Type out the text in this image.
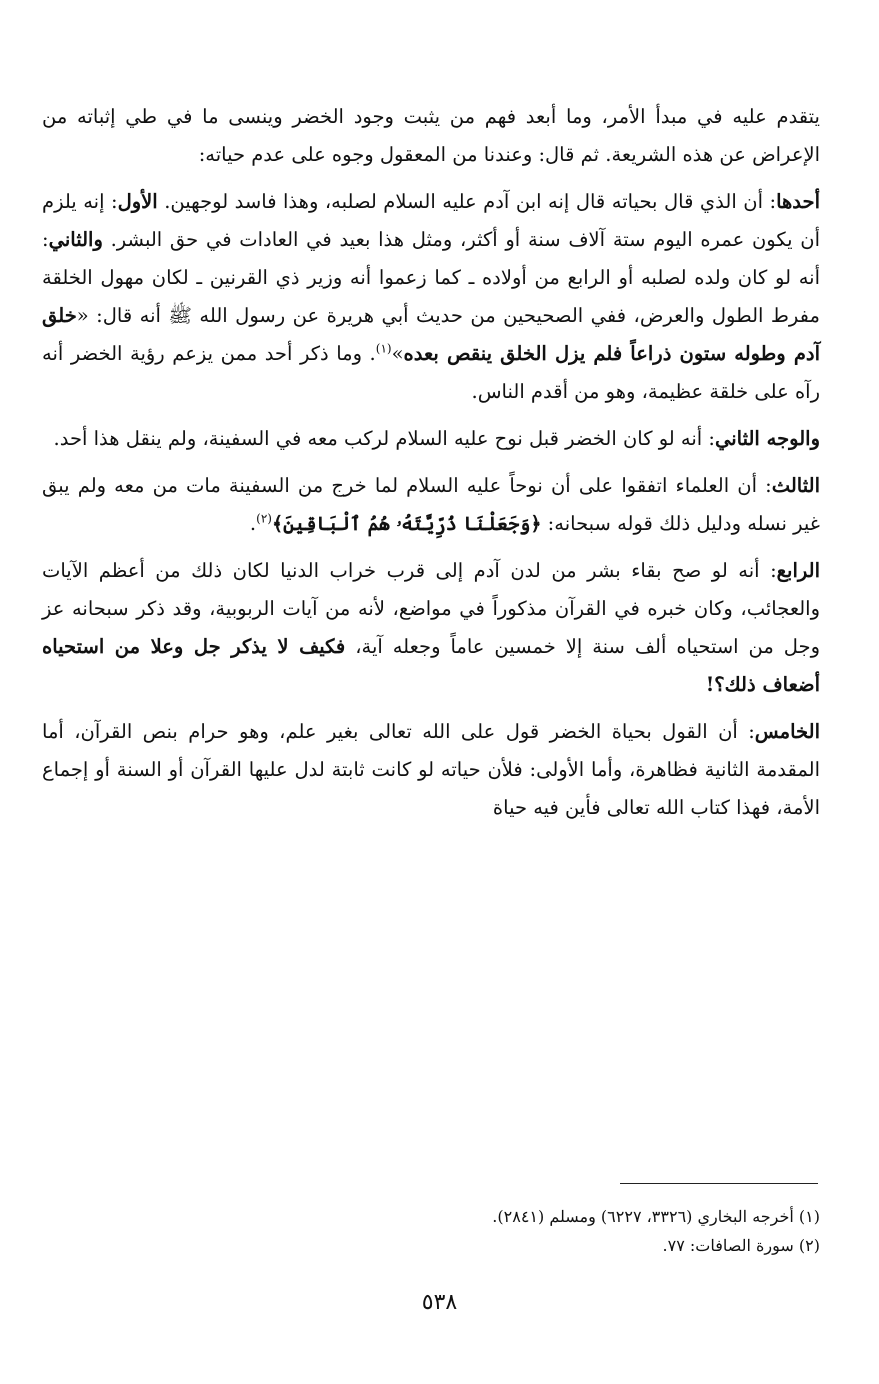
يتقدم عليه في مبدأ الأمر، وما أبعد فهم من يثبت وجود الخضر وينسى ما في طي إثباته من الإعراض عن هذه الشريعة. ثم قال: وعندنا من المعقول وجوه على عدم حياته:

أحدها: أن الذي قال بحياته قال إنه ابن آدم عليه السلام لصلبه، وهذا فاسد لوجهين. الأول: إنه يلزم أن يكون عمره اليوم ستة آلاف سنة أو أكثر، ومثل هذا بعيد في العادات في حق البشر. والثاني: أنه لو كان ولده لصلبه أو الرابع من أولاده ـ كما زعموا أنه وزير ذي القرنين ـ لكان مهول الخلقة مفرط الطول والعرض، ففي الصحيحين من حديث أبي هريرة عن رسول الله ﷺ أنه قال: «خلق آدم وطوله ستون ذراعاً فلم يزل الخلق ينقص بعده»$^{(١)}$. وما ذكر أحد ممن يزعم رؤية الخضر أنه رآه على خلقة عظيمة، وهو من أقدم الناس.

والوجه الثاني: أنه لو كان الخضر قبل نوح عليه السلام لركب معه في السفينة، ولم ينقل هذا أحد.

الثالث: أن العلماء اتفقوا على أن نوحاً عليه السلام لما خرج من السفينة مات من معه ولم يبق غير نسله ودليل ذلك قوله سبحانه: ﴿وَجَعَلْنَا ذُرِّيَّتَهُۥ هُمُ ٱلْبَاقِينَ﴾$^{(٢)}$.

الرابع: أنه لو صح بقاء بشر من لدن آدم إلى قرب خراب الدنيا لكان ذلك من أعظم الآيات والعجائب، وكان خبره في القرآن مذكوراً في مواضع، لأنه من آيات الربوبية، وقد ذكر سبحانه عز وجل من استحياه ألف سنة إلا خمسين عاماً وجعله آية، فكيف لا يذكر جل وعلا من استحياه أضعاف ذلك؟!

الخامس: أن القول بحياة الخضر قول على الله تعالى بغير علم، وهو حرام بنص القرآن، أما المقدمة الثانية فظاهرة، وأما الأولى: فلأن حياته لو كانت ثابتة لدل عليها القرآن أو السنة أو إجماع الأمة، فهذا كتاب الله تعالى فأين فيه حياة

(١) أخرجه البخاري (٣٣٢٦، ٦٢٢٧) ومسلم (٢٨٤١).

(٢) سورة الصافات: ٧٧.

٥٣٨
